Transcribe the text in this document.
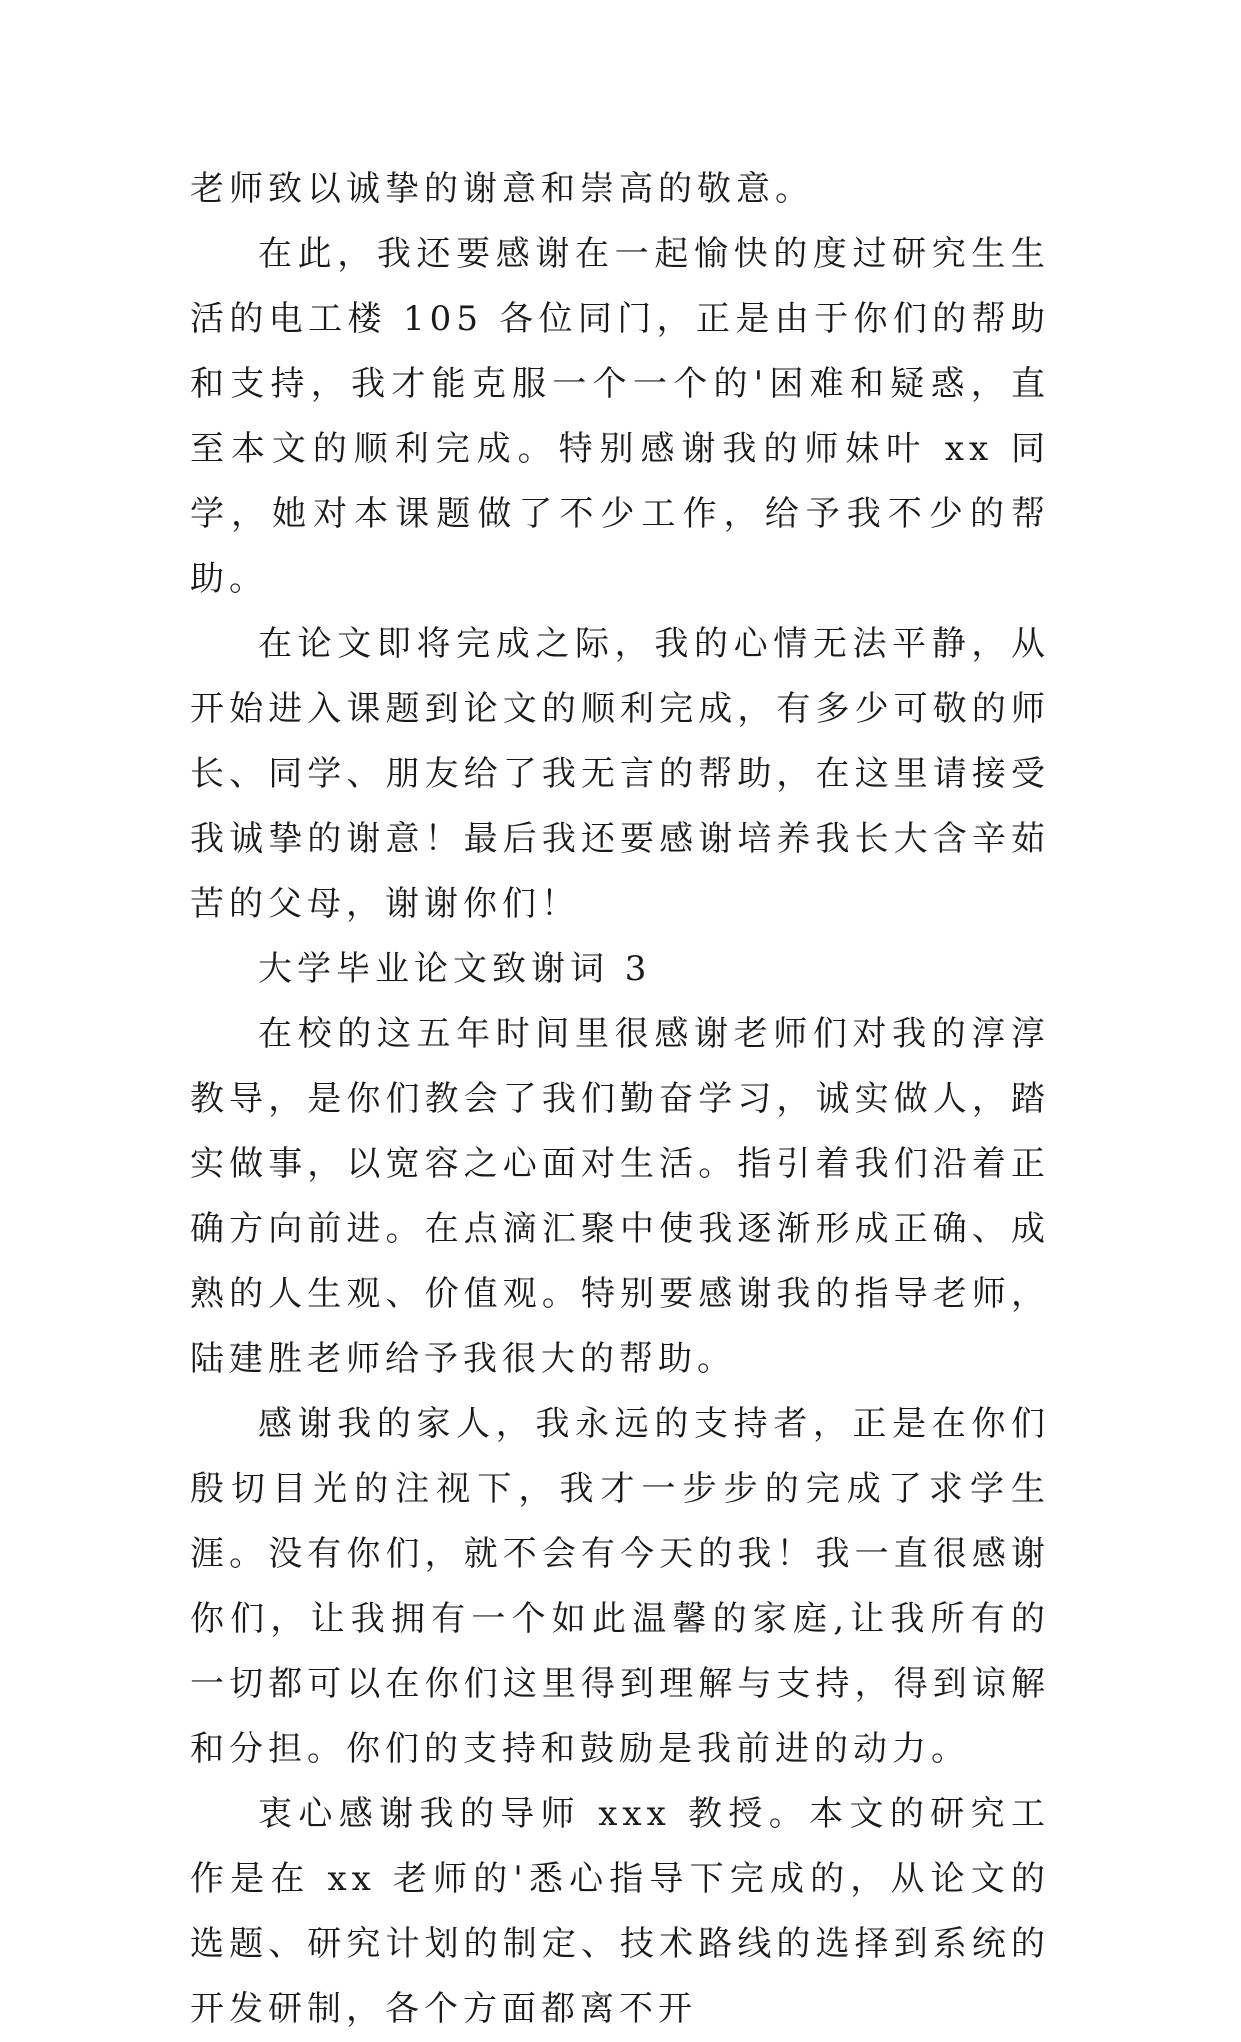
老师致以诚挚的谢意和崇高的敬意。

在此，我还要感谢在一起愉快的度过研究生生活的电工楼 105 各位同门，正是由于你们的帮助和支持，我才能克服一个一个的'困难和疑惑，直至本文的顺利完成。特别感谢我的师妹叶 xx 同学，她对本课题做了不少工作，给予我不少的帮助。

在论文即将完成之际，我的心情无法平静，从开始进入课题到论文的顺利完成，有多少可敬的师长、同学、朋友给了我无言的帮助，在这里请接受我诚挚的谢意！最后我还要感谢培养我长大含辛茹苦的父母，谢谢你们！

大学毕业论文致谢词 3

在校的这五年时间里很感谢老师们对我的淳淳教导，是你们教会了我们勤奋学习，诚实做人，踏实做事，以宽容之心面对生活。指引着我们沿着正确方向前进。在点滴汇聚中使我逐渐形成正确、成熟的人生观、价值观。特别要感谢我的指导老师，陆建胜老师给予我很大的帮助。

感谢我的家人，我永远的支持者，正是在你们殷切目光的注视下，我才一步步的完成了求学生涯。没有你们，就不会有今天的我！我一直很感谢你们，让我拥有一个如此温馨的家庭,让我所有的一切都可以在你们这里得到理解与支持，得到谅解和分担。你们的支持和鼓励是我前进的动力。

衷心感谢我的导师 xxx 教授。本文的研究工作是在 xx 老师的'悉心指导下完成的，从论文的选题、研究计划的制定、技术路线的选择到系统的开发研制，各个方面都离不开
